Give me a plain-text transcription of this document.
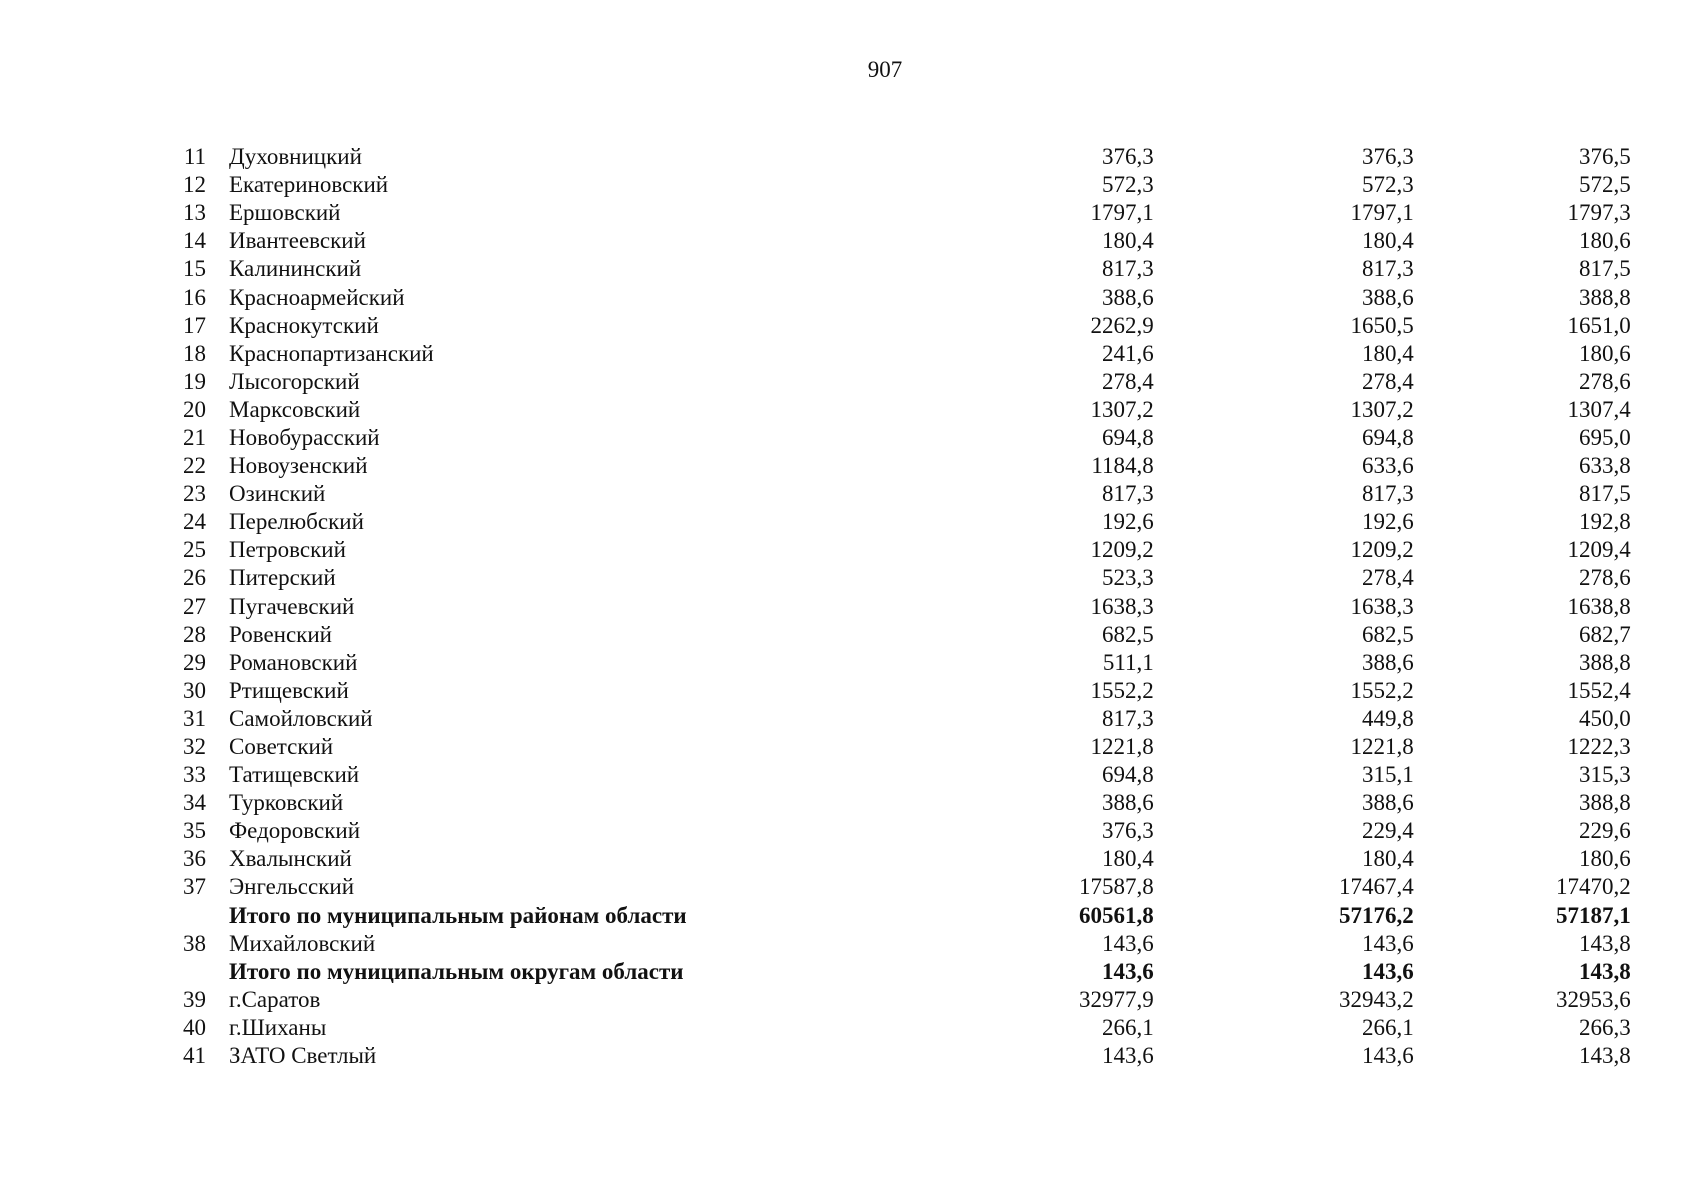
907
11	Духовницкий	376,3	376,3	376,5
12	Екатериновский	572,3	572,3	572,5
13	Ершовский	1797,1	1797,1	1797,3
14	Ивантеевский	180,4	180,4	180,6
15	Калининский	817,3	817,3	817,5
16	Красноармейский	388,6	388,6	388,8
17	Краснокутский	2262,9	1650,5	1651,0
18	Краснопартизанский	241,6	180,4	180,6
19	Лысогорский	278,4	278,4	278,6
20	Марксовский	1307,2	1307,2	1307,4
21	Новобурасский	694,8	694,8	695,0
22	Новоузенский	1184,8	633,6	633,8
23	Озинский	817,3	817,3	817,5
24	Перелюбский	192,6	192,6	192,8
25	Петровский	1209,2	1209,2	1209,4
26	Питерский	523,3	278,4	278,6
27	Пугачевский	1638,3	1638,3	1638,8
28	Ровенский	682,5	682,5	682,7
29	Романовский	511,1	388,6	388,8
30	Ртищевский	1552,2	1552,2	1552,4
31	Самойловский	817,3	449,8	450,0
32	Советский	1221,8	1221,8	1222,3
33	Татищевский	694,8	315,1	315,3
34	Турковский	388,6	388,6	388,8
35	Федоровский	376,3	229,4	229,6
36	Хвалынский	180,4	180,4	180,6
37	Энгельсский	17587,8	17467,4	17470,2
	Итого по муниципальным районам области	60561,8	57176,2	57187,1
38	Михайловский	143,6	143,6	143,8
	Итого по муниципальным округам области	143,6	143,6	143,8
39	г.Саратов	32977,9	32943,2	32953,6
40	г.Шиханы	266,1	266,1	266,3
41	ЗАТО Светлый	143,6	143,6	143,8
